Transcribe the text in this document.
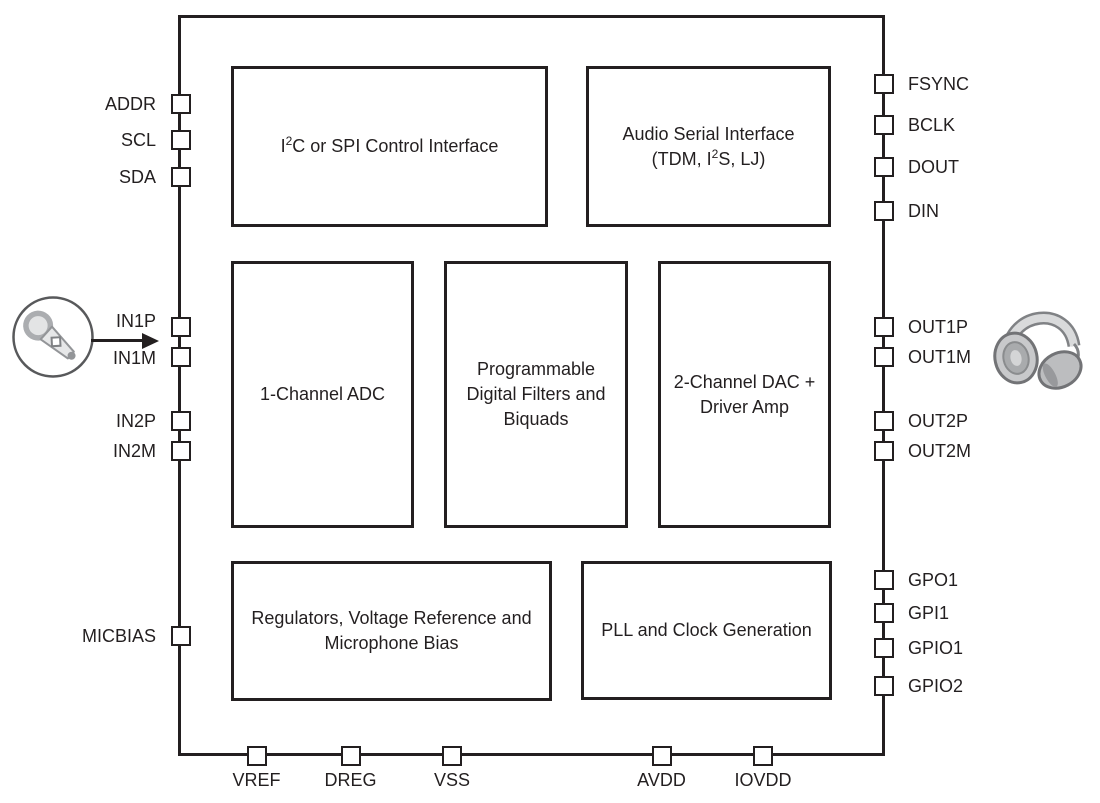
$I^2C$ or SPI Control Interface
Audio Serial Interface
(TDM, $I^2S$, LJ)
1-Channel ADC
Programmable
Digital Filters and
Biquads
2-Channel DAC +
Driver Amp
Regulators, Voltage Reference and
Microphone Bias
PLL and Clock Generation
ADDR
SCL
SDA
IN1P
IN1M
IN2P
IN2M
MICBIAS
FSYNC
BCLK
DOUT
DIN
OUT1P
OUT1M
OUT2P
OUT2M
GPO1
GPI1
GPIO1
GPIO2
VREF	DREG	VSS	AVDD	IOVDD
